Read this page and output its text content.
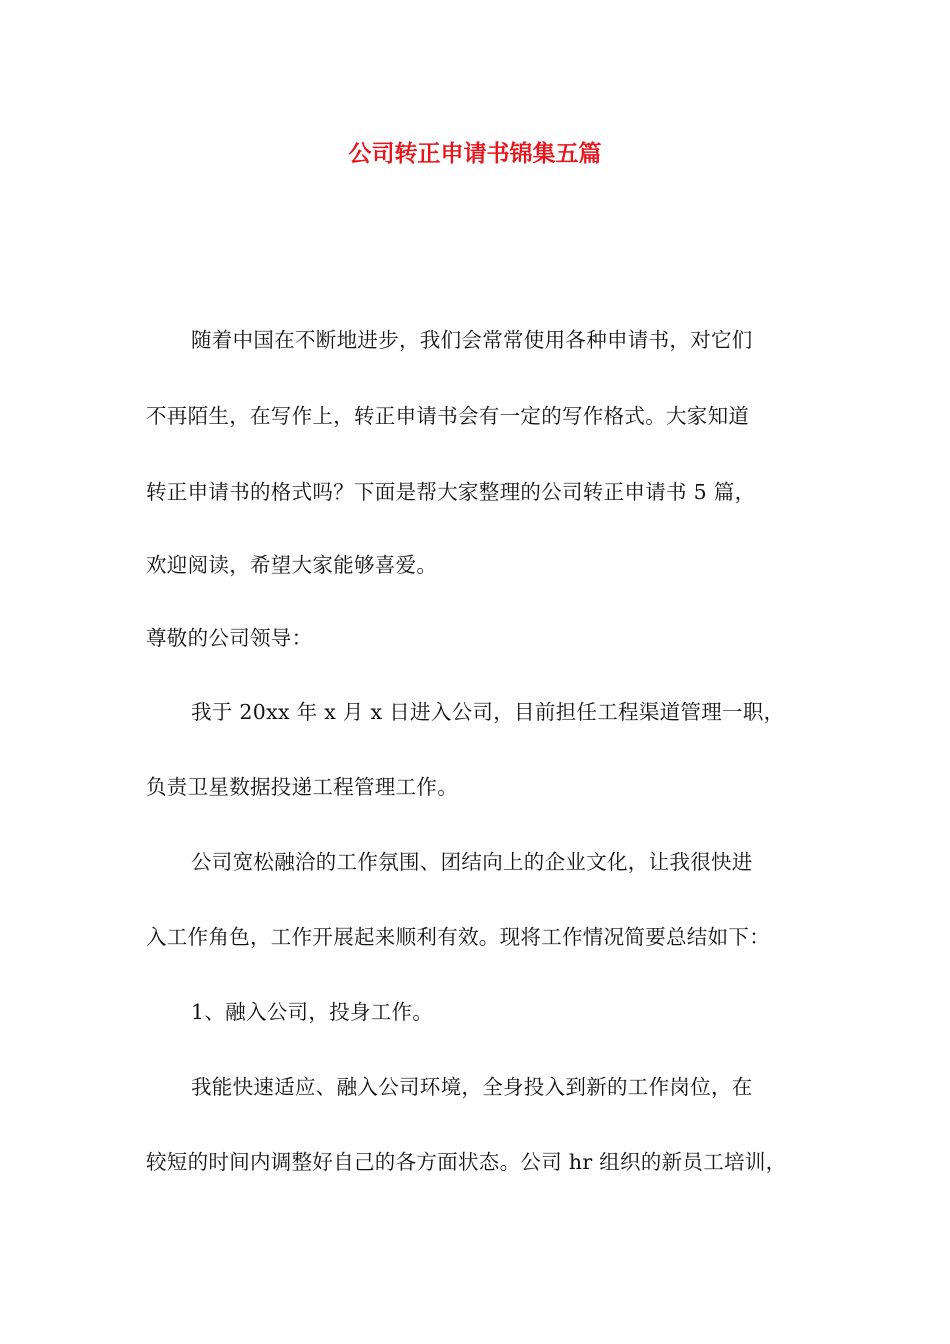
公司转正申请书锦集五篇
随着中国在不断地进步，我们会常常使用各种申请书，对它们
不再陌生，在写作上，转正申请书会有一定的写作格式。大家知道
转正申请书的格式吗？下面是帮大家整理的公司转正申请书 5 篇，
欢迎阅读，希望大家能够喜爱。
尊敬的公司领导：
我于 20xx 年 x 月 x 日进入公司，目前担任工程渠道管理一职，
负责卫星数据投递工程管理工作。
公司宽松融洽的工作氛围、团结向上的企业文化，让我很快进
入工作角色，工作开展起来顺利有效。现将工作情况简要总结如下：
1、融入公司，投身工作。
我能快速适应、融入公司环境，全身投入到新的工作岗位，在
较短的时间内调整好自己的各方面状态。公司 hr 组织的新员工培训，
